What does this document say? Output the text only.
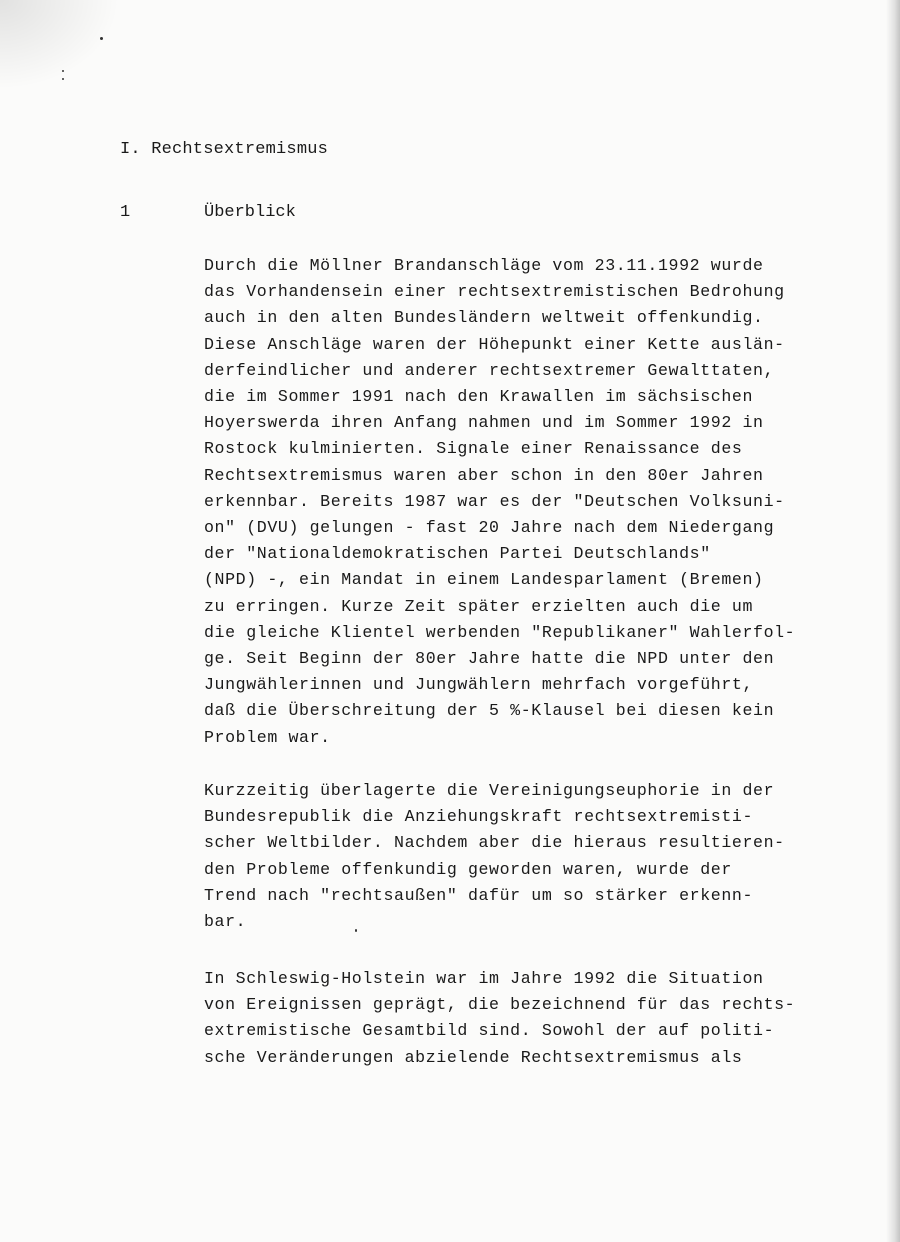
I. Rechtsextremismus
1	Überblick
Durch die Möllner Brandanschläge vom 23.11.1992 wurde
das Vorhandensein einer rechtsextremistischen Bedrohung
auch in den alten Bundesländern weltweit offenkundig.
Diese Anschläge waren der Höhepunkt einer Kette auslän-
derfeindlicher und anderer rechtsextremer Gewalttaten,
die im Sommer 1991 nach den Krawallen im sächsischen
Hoyerswerda ihren Anfang nahmen und im Sommer 1992 in
Rostock kulminierten. Signale einer Renaissance des
Rechtsextremismus waren aber schon in den 80er Jahren
erkennbar. Bereits 1987 war es der "Deutschen Volksuni-
on" (DVU) gelungen - fast 20 Jahre nach dem Niedergang
der "Nationaldemokratischen Partei Deutschlands"
(NPD) -, ein Mandat in einem Landesparlament (Bremen)
zu erringen. Kurze Zeit später erzielten auch die um
die gleiche Klientel werbenden "Republikaner" Wahlerfol-
ge. Seit Beginn der 80er Jahre hatte die NPD unter den
Jungwählerinnen und Jungwählern mehrfach vorgeführt,
daß die Überschreitung der 5 %-Klausel bei diesen kein
Problem war.
Kurzzeitig überlagerte die Vereinigungseuphorie in der
Bundesrepublik die Anziehungskraft rechtsextremisti-
scher Weltbilder. Nachdem aber die hieraus resultieren-
den Probleme offenkundig geworden waren, wurde der
Trend nach "rechtsaußen" dafür um so stärker erkenn-
bar.
In Schleswig-Holstein war im Jahre 1992 die Situation
von Ereignissen geprägt, die bezeichnend für das rechts-
extremistische Gesamtbild sind. Sowohl der auf politi-
sche Veränderungen abzielende Rechtsextremismus als
